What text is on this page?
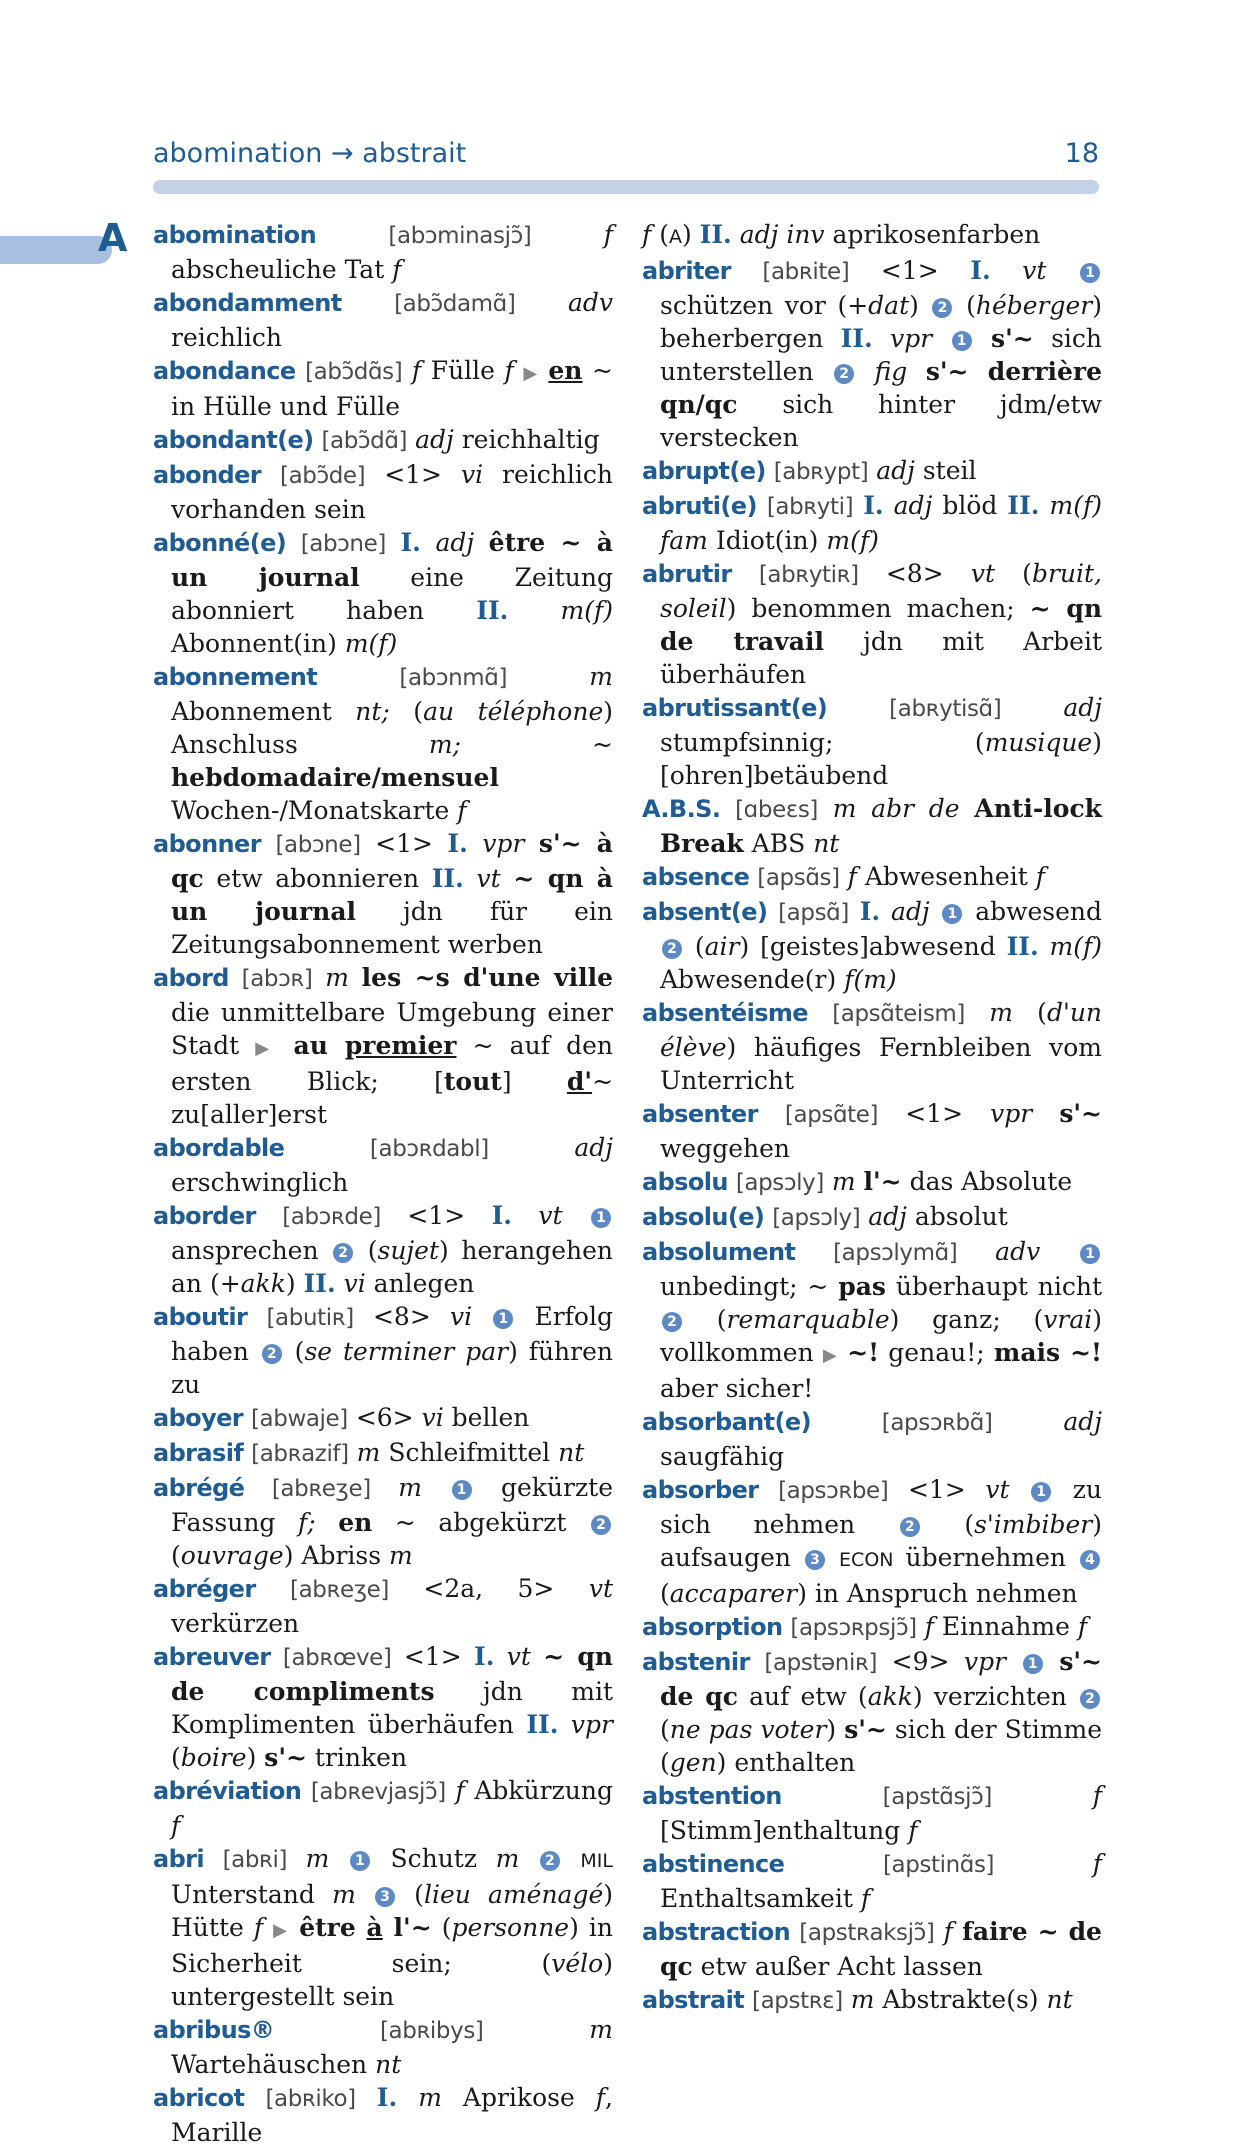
abomination → abstrait	18
A abomination	[abɔminasjɔ̃]	f abscheuliche Tat f

abondamment [abɔ̃damɑ̃] adv reichlich

abondance [abɔ̃dɑ̃s] f Fülle f ▶ en ~ in Hülle und Fülle

abondant(e) [abɔ̃dɑ̃] adj reichhaltig

abonder [abɔ̃de] <1> vi reichlich vorhanden sein

abonné(e) [abɔne] I. adj être ~ à un journal eine Zeitung abonniert haben II. m(f) Abonnent(in) m(f)

abonnement	[abɔnmɑ̃]	m Abonnement nt; (au téléphone) Anschluss m; ~ hebdomadaire/mensuel Wochen-/Monatskarte f

abonner [abɔne] <1> I. vpr s'~ à qc etw abonnieren II. vt ~ qn à un journal jdn für ein Zeitungsabonnement werben

abord [abɔʀ] m les ~s d'une ville die unmittelbare Umgebung einer Stadt ▶ au premier ~ auf den ersten Blick; [tout] d'~ zu[aller]erst

abordable	[abɔʀdabl]	adj erschwinglich

aborder [abɔʀde] <1> I. vt 1 ansprechen 2 (sujet) herangehen an (+akk) II. vi anlegen

aboutir [abutiʀ] <8> vi 1 Erfolg haben 2 (se terminer par) führen zu

aboyer [abwaje] <6> vi bellen

abrasif [abʀazif] m Schleifmittel nt

abrégé [abʀeʒe] m 1 gekürzte Fassung f; en ~ abgekürzt 2 (ouvrage) Abriss m

abréger [abʀeʒe] <2a, 5> vt verkürzen

abreuver [abʀœve] <1> I. vt ~ qn de compliments jdn mit Komplimenten überhäufen II. vpr (boire) s'~ trinken

abréviation [abʀevjasjɔ̃] f Abkürzung f

abri [abʀi] m 1 Schutz m 2 MIL Unterstand m 3 (lieu aménagé) Hütte f ▶ être à l'~ (personne) in Sicherheit sein; (vélo) untergestellt sein

abribus®	[abʀibys]	m Wartehäuschen nt

abricot [abʀiko] I. m Aprikose f, Marille

f (A) II. adj inv aprikosenfarben

abriter [abʀite] <1> I. vt	1 schützen vor (+dat) 2 (héberger) beherbergen II. vpr 1 s'~ sich unterstellen 2 fig s'~ derrière qn/qc sich hinter jdm/etw verstecken

abrupt(e) [abʀypt] adj steil

abruti(e) [abʀyti] I. adj blöd II. m(f) fam Idiot(in) m(f)

abrutir [abʀytiʀ] <8> vt (bruit, soleil) benommen machen; ~ qn de travail jdn mit Arbeit überhäufen

abrutissant(e)	[abʀytisɑ̃] adj stumpfsinnig; (musique) [ohren]betäubend

A.B.S. [ɑbeɛs] m abr de Anti-lock Break ABS nt

absence [apsɑ̃s] f Abwesenheit f

absent(e) [apsɑ̃] I. adj 1 abwesend 2 (air) [geistes]abwesend II. m(f) Abwesende(r) f(m)

absentéisme [apsɑ̃teism] m (d'un élève) häufiges Fernbleiben vom Unterricht

absenter [apsɑ̃te] <1> vpr s'~ weggehen

absolu [apsɔly] m l'~ das Absolute

absolu(e) [apsɔly] adj absolut

absolument [apsɔlymɑ̃] adv	1 unbedingt; ~ pas überhaupt nicht 2 (remarquable) ganz; (vrai) vollkommen ▶ ~! genau!; mais ~! aber sicher!

absorbant(e)	[apsɔʀbɑ̃]	adj saugfähig

absorber [apsɔʀbe] <1> vt 1 zu sich nehmen 2 (s'imbiber) aufsaugen 3 ECON übernehmen 4 (accaparer) in Anspruch nehmen

absorption [apsɔʀpsjɔ̃] f Einnahme f

abstenir [apstəniʀ] <9> vpr 1 s'~ de qc auf etw (akk) verzichten 2 (ne pas voter) s'~ sich der Stimme (gen) enthalten

abstention	[apstɑ̃sjɔ̃]	f [Stimm]enthaltung f

abstinence	[apstinɑ̃s]	f Enthaltsamkeit f

abstraction [apstʀaksjɔ̃] f faire ~ de qc etw außer Acht lassen

abstrait [apstʀɛ] m Abstrakte(s) nt
